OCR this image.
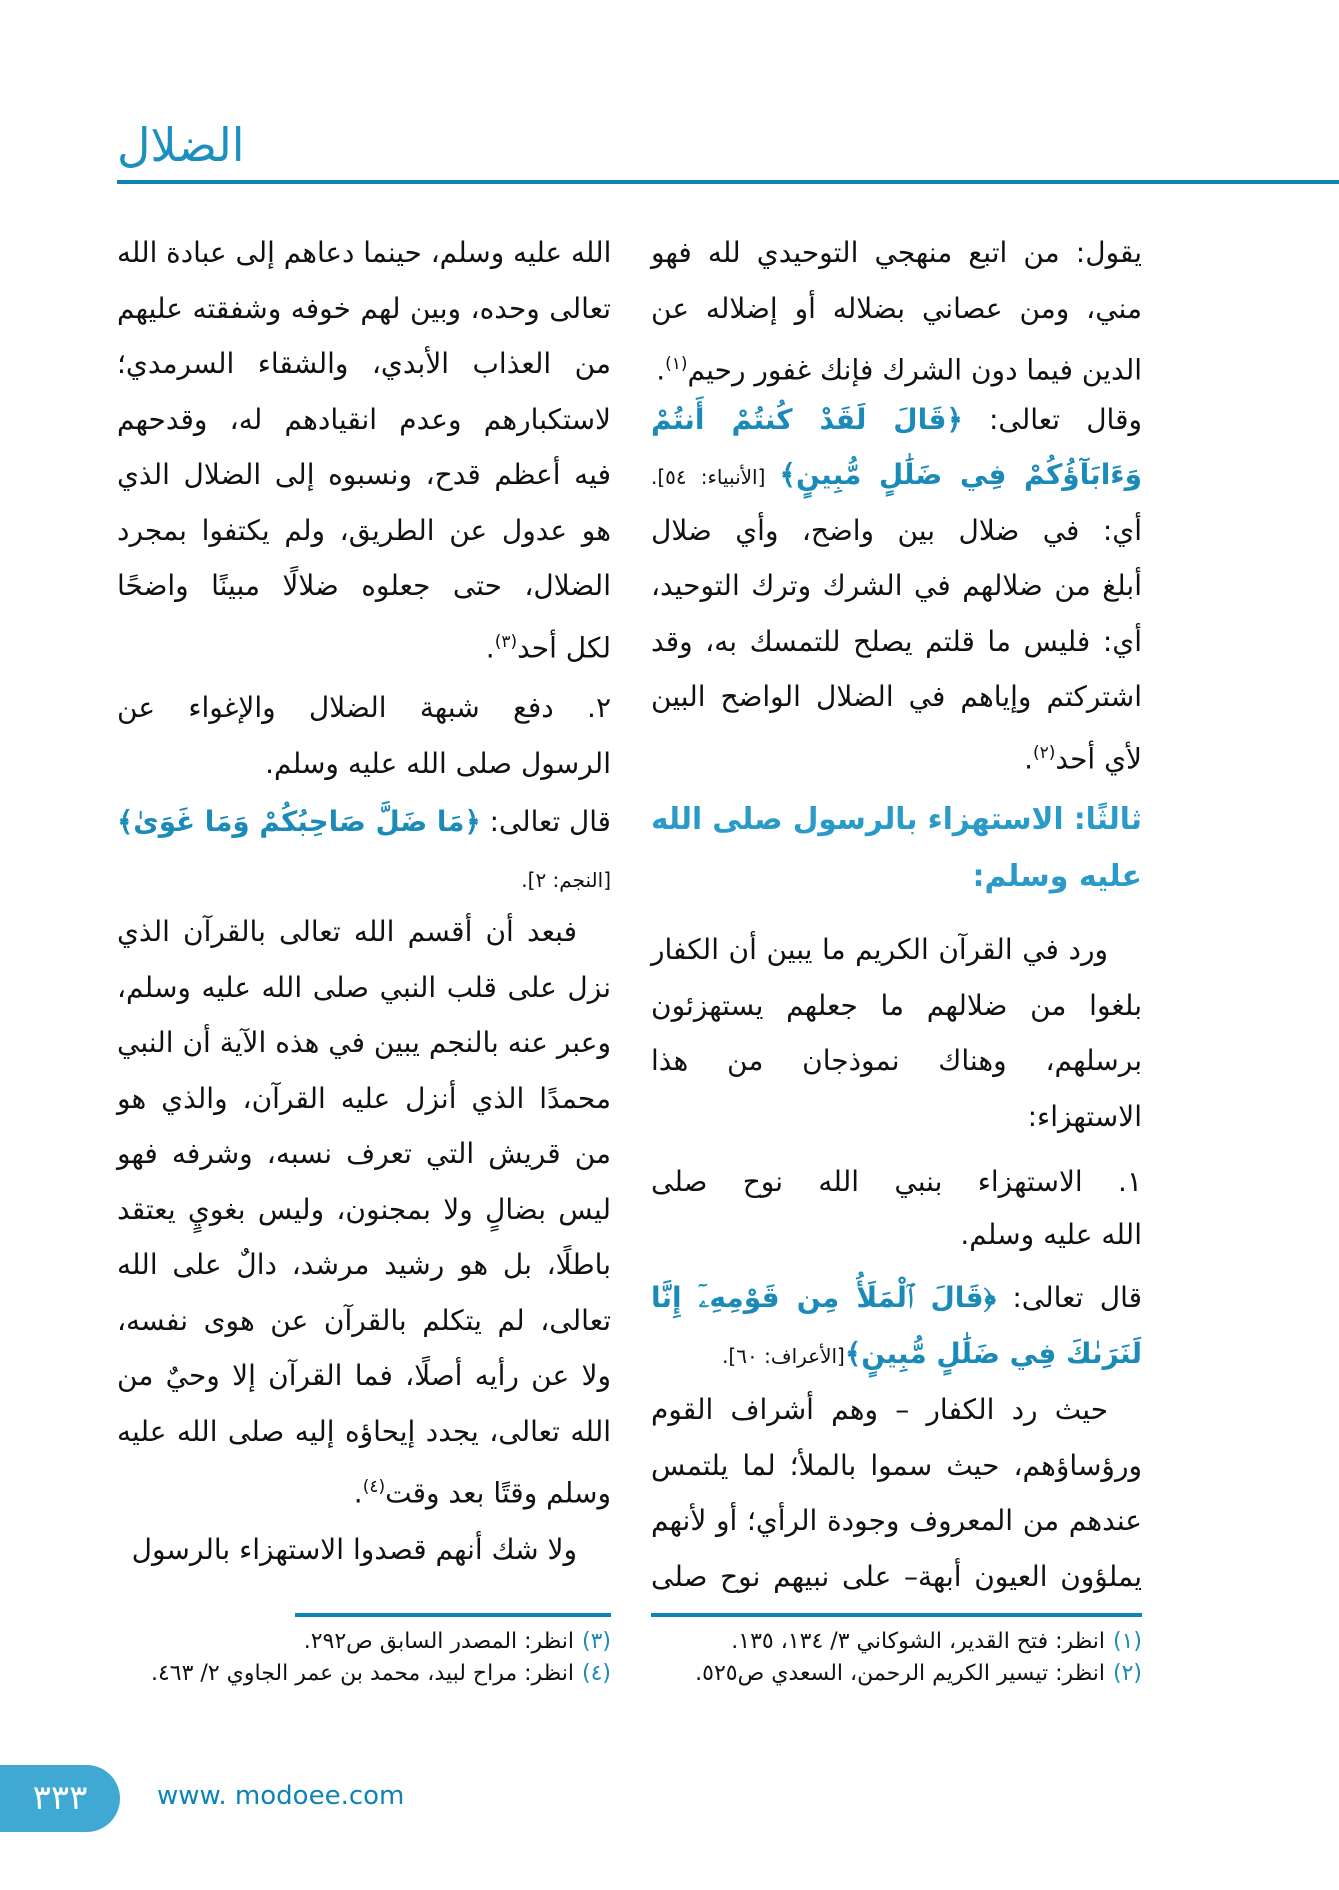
الضلال
يقول: من اتبع منهجي التوحيدي لله فهو
مني، ومن عصاني بضلاله أو إضلاله عن
الدين فيما دون الشرك فإنك غفور رحيم$^{(١)}$.
وقال تعالى: ﴿قَالَ لَقَدْ كُنتُمْ أَنتُمْ
وَءَابَآؤُكُمْ فِي ضَلَٰلٍ مُّبِينٍ﴾ [الأنبياء: ٥٤].
أي: في ضلال بين واضح، وأي ضلال
أبلغ من ضلالهم في الشرك وترك التوحيد،
أي: فليس ما قلتم يصلح للتمسك به، وقد
اشتركتم وإياهم في الضلال الواضح البين
لأي أحد$^{(٢)}$.
ثالثًا: الاستهزاء بالرسول صلى الله
عليه وسلم:
ورد في القرآن الكريم ما يبين أن الكفار
بلغوا من ضلالهم ما جعلهم يستهزئون
برسلهم، وهناك نموذجان من هذا
الاستهزاء:
١. الاستهزاء بنبي الله نوح صلى
الله عليه وسلم.
قال تعالى: ﴿قَالَ ٱلْمَلَأُ مِن قَوْمِهِۦٓ إِنَّا
لَنَرَىٰكَ فِي ضَلَٰلٍ مُّبِينٍ﴾[الأعراف: ٦٠].
حيث رد الكفار – وهم أشراف القوم
ورؤساؤهم، حيث سموا بالملأ؛ لما يلتمس
عندهم من المعروف وجودة الرأي؛ أو لأنهم
يملؤون العيون أبهة– على نبيهم نوح صلى
الله عليه وسلم، حينما دعاهم إلى عبادة الله
تعالى وحده، وبين لهم خوفه وشفقته عليهم
من العذاب الأبدي، والشقاء السرمدي؛
لاستكبارهم وعدم انقيادهم له، وقدحهم
فيه أعظم قدح، ونسبوه إلى الضلال الذي
هو عدول عن الطريق، ولم يكتفوا بمجرد
الضلال، حتى جعلوه ضلالًا مبينًا واضحًا
لكل أحد$^{(٣)}$.
٢. دفع شبهة الضلال والإغواء عن
الرسول صلى الله عليه وسلم.
قال تعالى: ﴿مَا ضَلَّ صَاحِبُكُمْ وَمَا غَوَىٰ﴾
[النجم: ٢].
فبعد أن أقسم الله تعالى بالقرآن الذي
نزل على قلب النبي صلى الله عليه وسلم،
وعبر عنه بالنجم يبين في هذه الآية أن النبي
محمدًا الذي أنزل عليه القرآن، والذي هو
من قريش التي تعرف نسبه، وشرفه فهو
ليس بضالٍ ولا بمجنون، وليس بغويٍ يعتقد
باطلًا، بل هو رشيد مرشد، دالٌ على الله
تعالى، لم يتكلم بالقرآن عن هوى نفسه،
ولا عن رأيه أصلًا، فما القرآن إلا وحيٌ من
الله تعالى، يجدد إيحاؤه إليه صلى الله عليه
وسلم وقتًا بعد وقت$^{(٤)}$.
ولا شك أنهم قصدوا الاستهزاء بالرسول
(١)انظر: فتح القدير، الشوكاني ٣/ ١٣٤، ١٣٥.
(٢)انظر: تيسير الكريم الرحمن، السعدي ص٥٢٥.
(٣)انظر: المصدر السابق ص٢٩٢.
(٤)انظر: مراح لبيد، محمد بن عمر الجاوي ٢/ ٤٦٣.
٣٣٣	www. modoee.com
